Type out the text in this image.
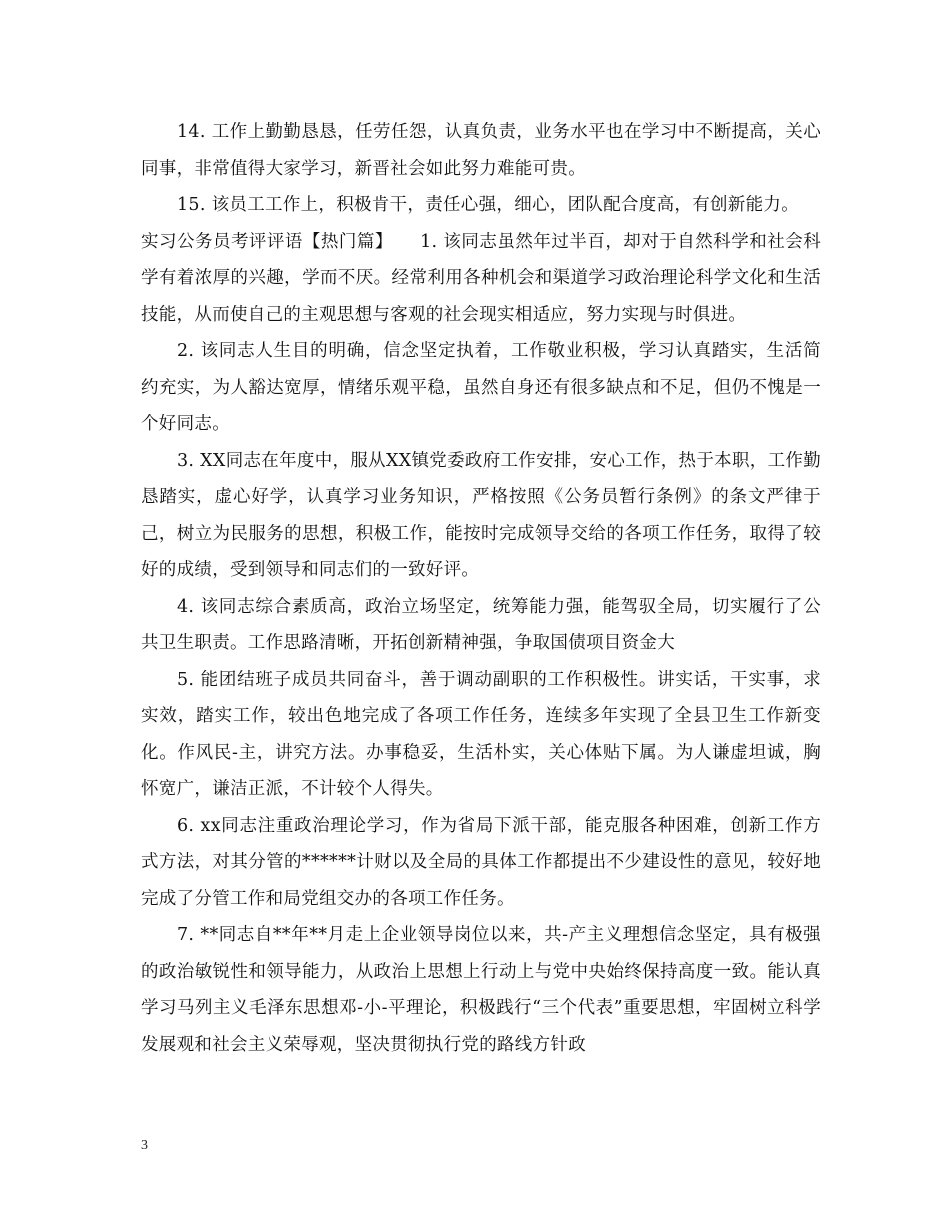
14. 工作上勤勤恳恳，任劳任怨，认真负责，业务水平也在学习中不断提高，关心同事，非常值得大家学习，新晋社会如此努力难能可贵。

15. 该员工工作上，积极肯干，责任心强，细心，团队配合度高，有创新能力。

实习公务员考评评语【热门篇】　　1. 该同志虽然年过半百，却对于自然科学和社会科学有着浓厚的兴趣，学而不厌。经常利用各种机会和渠道学习政治理论科学文化和生活技能，从而使自己的主观思想与客观的社会现实相适应，努力实现与时俱进。

2. 该同志人生目的明确，信念坚定执着，工作敬业积极，学习认真踏实，生活简约充实，为人豁达宽厚，情绪乐观平稳，虽然自身还有很多缺点和不足，但仍不愧是一个好同志。

3. XX同志在年度中，服从XX镇党委政府工作安排，安心工作，热于本职，工作勤恳踏实，虚心好学，认真学习业务知识，严格按照《公务员暂行条例》的条文严律于己，树立为民服务的思想，积极工作，能按时完成领导交给的各项工作任务，取得了较好的成绩，受到领导和同志们的一致好评。

4. 该同志综合素质高，政治立场坚定，统筹能力强，能驾驭全局，切实履行了公共卫生职责。工作思路清晰，开拓创新精神强，争取国债项目资金大

5. 能团结班子成员共同奋斗，善于调动副职的工作积极性。讲实话，干实事，求实效，踏实工作，较出色地完成了各项工作任务，连续多年实现了全县卫生工作新变化。作风民-主，讲究方法。办事稳妥，生活朴实，关心体贴下属。为人谦虚坦诚，胸怀宽广，谦洁正派，不计较个人得失。

6. xx同志注重政治理论学习，作为省局下派干部，能克服各种困难，创新工作方式方法，对其分管的******计财以及全局的具体工作都提出不少建设性的意见，较好地完成了分管工作和局党组交办的各项工作任务。

7. **同志自**年**月走上企业领导岗位以来，共-产主义理想信念坚定，具有极强的政治敏锐性和领导能力，从政治上思想上行动上与党中央始终保持高度一致。能认真学习马列主义毛泽东思想邓-小-平理论，积极践行“三个代表”重要思想，牢固树立科学发展观和社会主义荣辱观，坚决贯彻执行党的路线方针政

3
